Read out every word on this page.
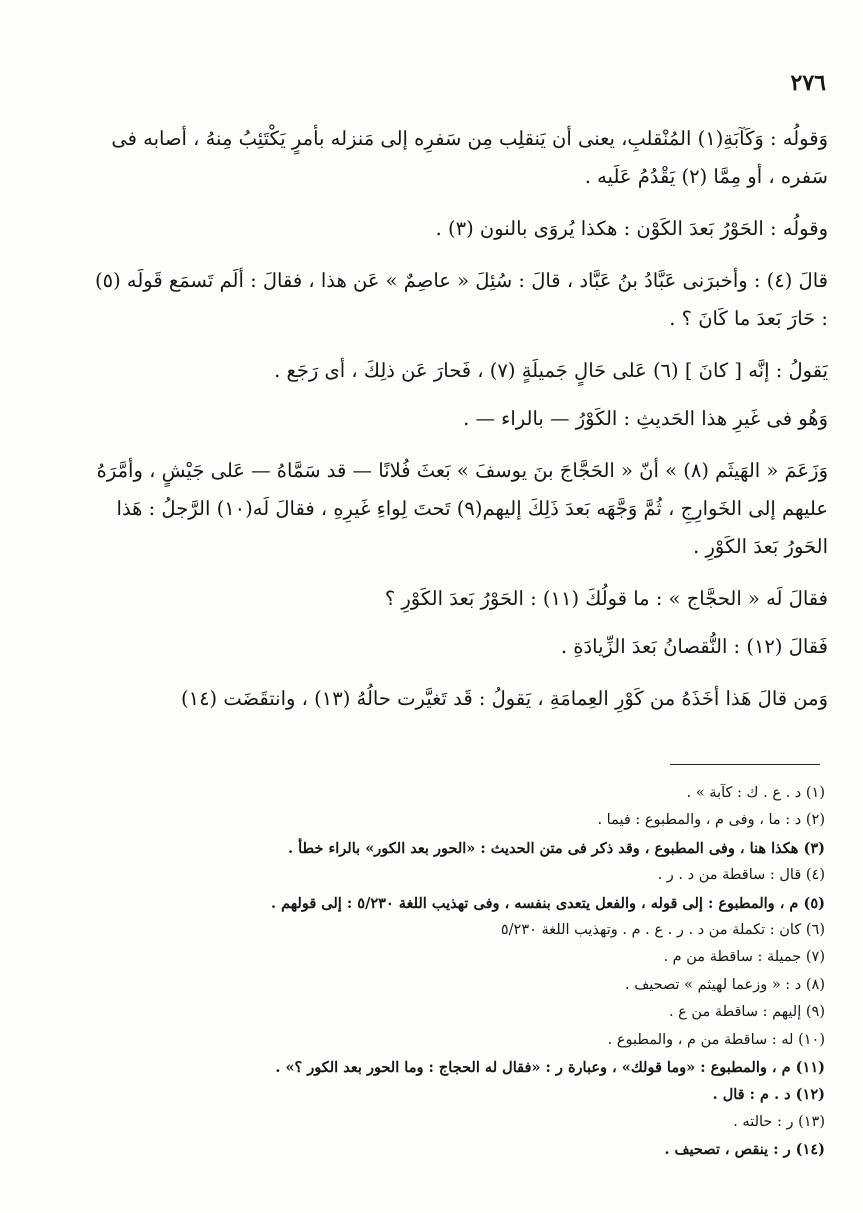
٢٧٦

وَقولُه : وَكَآبَةِ(١) المُنْقلبِ، يعنى أن يَنقلِب مِن سَفرِه إلى مَنزله بأمرٍ يَكْتَئِبُ مِنهُ ، أصابه فى سَفره ، أو مِمَّا (٢) يَقْدُمُ عَلَيه .

وقولُه : الحَوْرُ بَعدَ الكَوْن : هكذا يُروَى بالنون (٣) .

قالَ (٤) : وأخبرَنى عَبَّادُ بنُ عَبَّاد ، قالَ : سُئِلَ « عاصِمٌ » عَن هذا ، فقالَ : ألَم تَسمَع قَولَه (٥) : حَارَ بَعدَ ما كَانَ ؟ .

يَقولُ : إنَّه [ كانَ ] (٦) عَلى حَالٍ جَميلَةٍ (٧) ، فَحارَ عَن ذلِكَ ، أى رَجَع .

وَهُو فى غَيرِ هذا الحَديثِ : الكَوْرُ — بالراء — .

وَزَعَمَ « الهَيثَم (٨) » أنّ « الحَجَّاجَ بنَ يوسفَ » بَعثَ فُلانًا — قد سَمَّاهُ — عَلى جَيْشٍ ، وأمَّرَهُ عليهم إلى الخَوارِجِ ، ثُمَّ وَجَّهَه بَعدَ ذَلِكَ إليهم(٩) تَحتَ لِواءِ غَيرِهِ ، فقالَ لَه(١٠) الرَّجلُ : هَذا الحَورُ بَعدَ الكَوْرِ .

فقالَ لَه « الحجَّاج » : ما قولُكَ (١١) : الحَوْرُ بَعدَ الكَوْرِ ؟

فَقالَ (١٢) : النُّقصانُ بَعدَ الزِّيادَةِ .

وَمن قالَ هَذا أخَذَهُ من كَوْرِ العِمامَةِ ، يَقولُ : قَد تَغيَّرت حالُهُ (١٣) ، وانتقَضَت (١٤)

(١) د . ع . ك : كآبة » .
(٢) د : ما ، وفى م ، والمطبوع : فيما .
(٣) هكذا هنا ، وفى المطبوع ، وقد ذكر فى متن الحديث : «الحور بعد الكور» بالراء خطأ .
(٤) قال : ساقطة من د . ر .
(٥) م ، والمطبوع : إلى قوله ، والفعل يتعدى بنفسه ، وفى تهذيب اللغة ٥/٢٣٠ : إلى قولهم .
(٦) كان : تكملة من د . ر . ع . م . وتهذيب اللغة ٥/٢٣٠
(٧) جميلة : ساقطة من م .
(٨) د : « وزعما لهيثم » تصحيف .
(٩) إليهم : ساقطة من ع .
(١٠) له : ساقطة من م ، والمطبوع .
(١١) م ، والمطبوع : «وما قولك» ، وعبارة ر : «فقال له الحجاج : وما الحور بعد الكور ؟» .
(١٢) د . م : قال .
(١٣) ر : حالته .
(١٤) ر : ينقص ، تصحيف .
